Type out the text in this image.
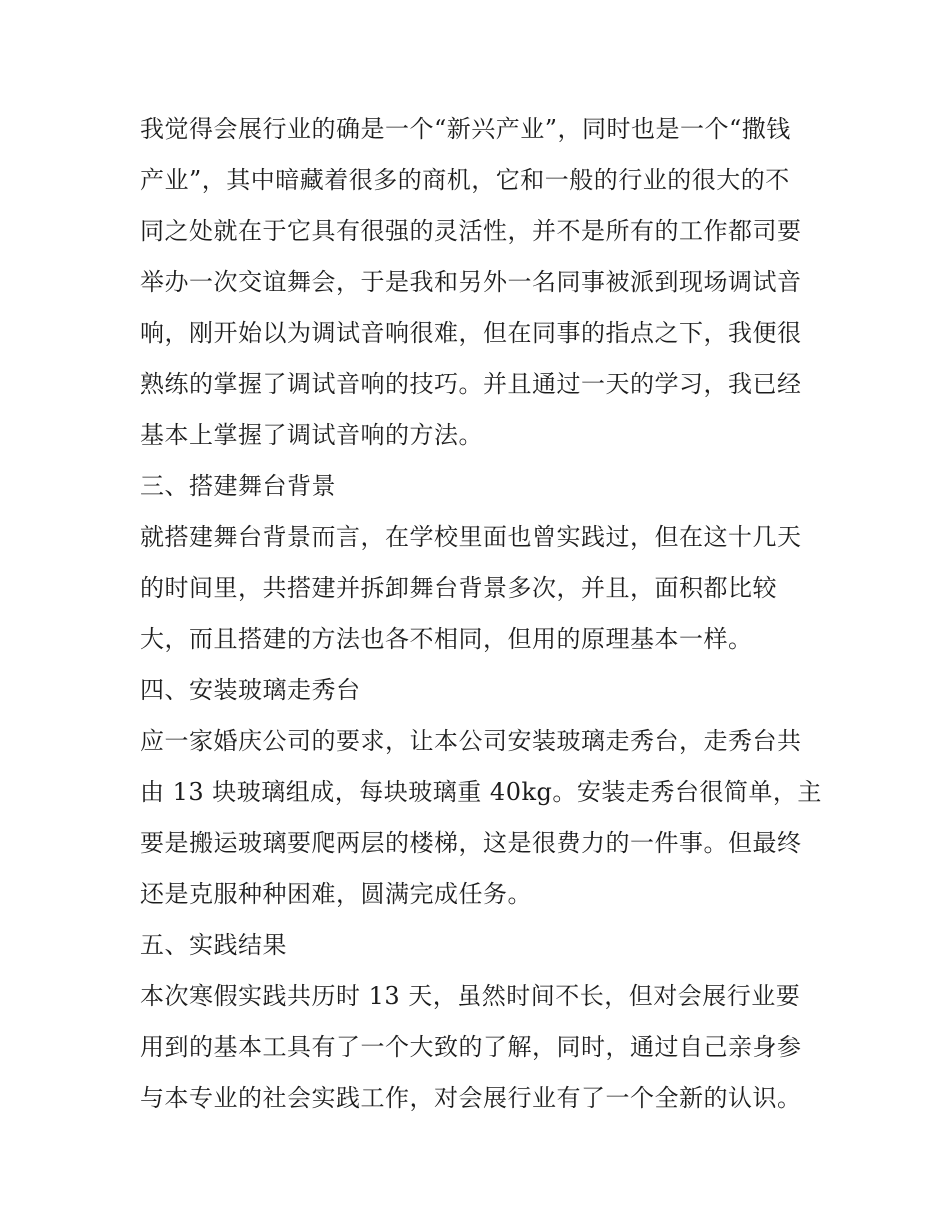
我觉得会展行业的确是一个“新兴产业”，同时也是一个“撒钱
产业”，其中暗藏着很多的商机，它和一般的行业的很大的不
同之处就在于它具有很强的灵活性，并不是所有的工作都司要
举办一次交谊舞会，于是我和另外一名同事被派到现场调试音
响，刚开始以为调试音响很难，但在同事的指点之下，我便很
熟练的掌握了调试音响的技巧。并且通过一天的学习，我已经
基本上掌握了调试音响的方法。
三、搭建舞台背景
就搭建舞台背景而言，在学校里面也曾实践过，但在这十几天
的时间里，共搭建并拆卸舞台背景多次，并且，面积都比较
大，而且搭建的方法也各不相同，但用的原理基本一样。
四、安装玻璃走秀台
应一家婚庆公司的要求，让本公司安装玻璃走秀台，走秀台共
由 13 块玻璃组成，每块玻璃重 40kg。安装走秀台很简单，主
要是搬运玻璃要爬两层的楼梯，这是很费力的一件事。但最终
还是克服种种困难，圆满完成任务。
五、实践结果
本次寒假实践共历时 13 天，虽然时间不长，但对会展行业要
用到的基本工具有了一个大致的了解，同时，通过自己亲身参
与本专业的社会实践工作，对会展行业有了一个全新的认识。
